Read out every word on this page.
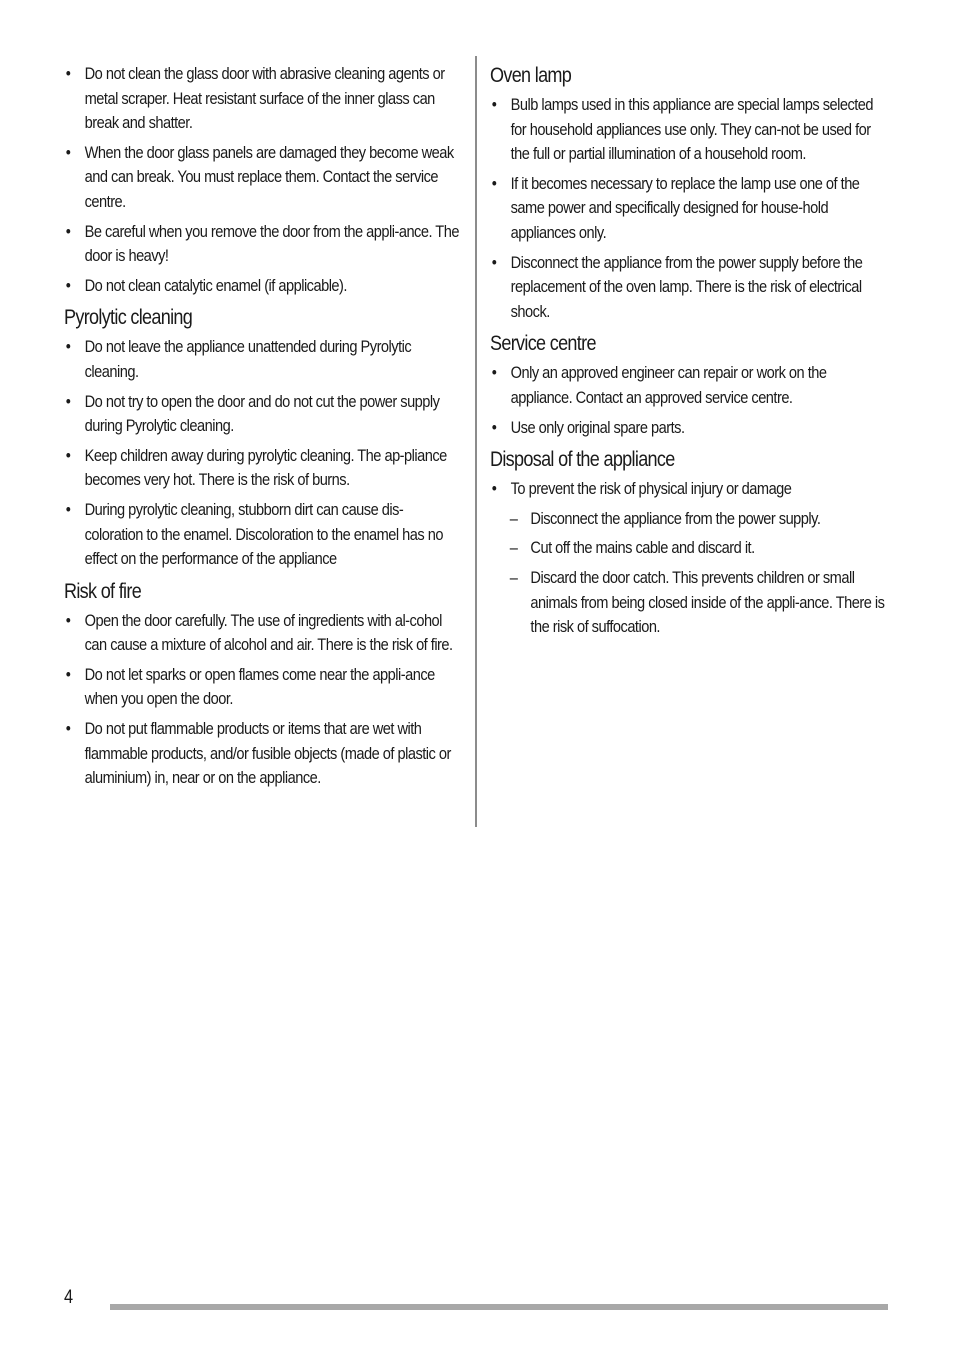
• Do not clean the glass door with abrasive cleaning agents or metal scraper. Heat resistant surface of the inner glass can break and shatter.
• When the door glass panels are damaged they become weak and can break. You must replace them. Contact the service centre.
• Be careful when you remove the door from the appli-ance. The door is heavy!
• Do not clean catalytic enamel (if applicable).
Pyrolytic cleaning
• Do not leave the appliance unattended during Pyrolytic cleaning.
• Do not try to open the door and do not cut the power supply during Pyrolytic cleaning.
• Keep children away during pyrolytic cleaning. The ap-pliance becomes very hot. There is the risk of burns.
• During pyrolytic cleaning, stubborn dirt can cause dis-coloration to the enamel. Discoloration to the enamel has no effect on the performance of the appliance
Risk of fire
• Open the door carefully. The use of ingredients with al-cohol can cause a mixture of alcohol and air. There is the risk of fire.
• Do not let sparks or open flames come near the appli-ance when you open the door.
• Do not put flammable products or items that are wet with flammable products, and/or fusible objects (made of plastic or aluminium) in, near or on the appliance.
Oven lamp
• Bulb lamps used in this appliance are special lamps selected for household appliances use only. They can-not be used for the full or partial illumination of a household room.
• If it becomes necessary to replace the lamp use one of the same power and specifically designed for house-hold appliances only.
• Disconnect the appliance from the power supply before the replacement of the oven lamp. There is the risk of electrical shock.
Service centre
• Only an approved engineer can repair or work on the appliance. Contact an approved service centre.
• Use only original spare parts.
Disposal of the appliance
• To prevent the risk of physical injury or damage
– Disconnect the appliance from the power supply.
– Cut off the mains cable and discard it.
– Discard the door catch. This prevents children or small animals from being closed inside of the appli-ance. There is the risk of suffocation.
4
